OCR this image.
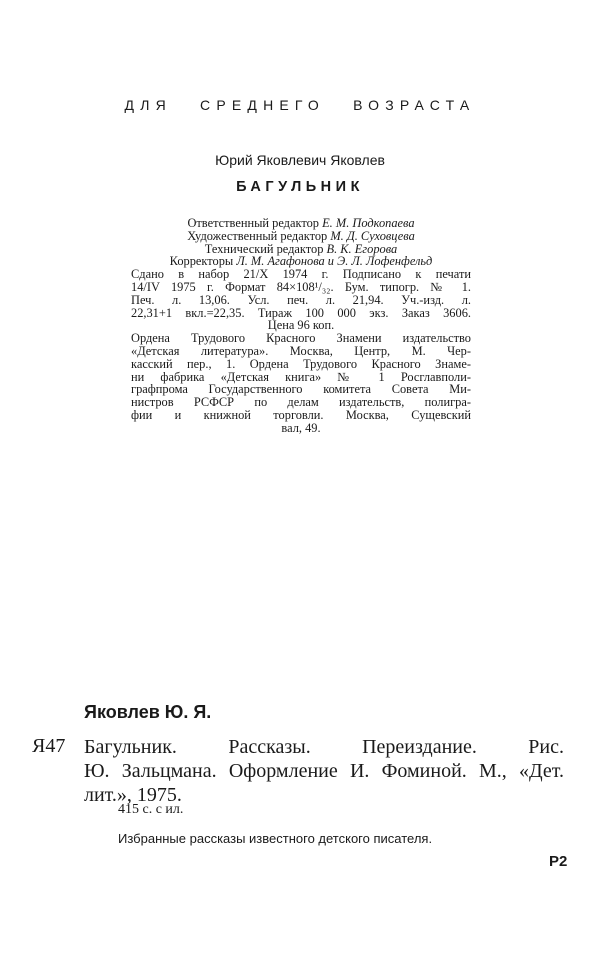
ДЛЯ СРЕДНЕГО ВОЗРАСТА
Юрий Яковлевич Яковлев
БАГУЛЬНИК
Ответственный редактор Е. М. Подкопаева
Художественный редактор М. Д. Суховцева
Технический редактор В. К. Егорова
Корректоры Л. М. Агафонова и Э. Л. Лофенфельд
Сдано в набор 21/X 1974 г. Подписано к печати
14/IV 1975 г. Формат 84×108¹/₃₂. Бум. типогр. № 1.
Печ. л. 13,06. Усл. печ. л. 21,94. Уч.-изд. л.
22,31+1 вкл.=22,35. Тираж 100 000 экз. Заказ 3606.
Цена 96 коп.
Ордена Трудового Красного Знамени издательство
«Детская литература». Москва, Центр, М. Чер-
касский пер., 1. Ордена Трудового Красного Знаме-
ни фабрика «Детская книга» № 1 Росглавполи-
графпрома Государственного комитета Совета Ми-
нистров РСФСР по делам издательств, полигра-
фии и книжной торговли. Москва, Сущевский
вал, 49.
Яковлев Ю. Я.
Я47 Багульник. Рассказы. Переиздание. Рис.
Ю. Зальцмана. Оформление И. Фоминой. М., «Дет.
лит.», 1975.
415 с. с ил.
Избранные рассказы известного детского писателя.
Р2
